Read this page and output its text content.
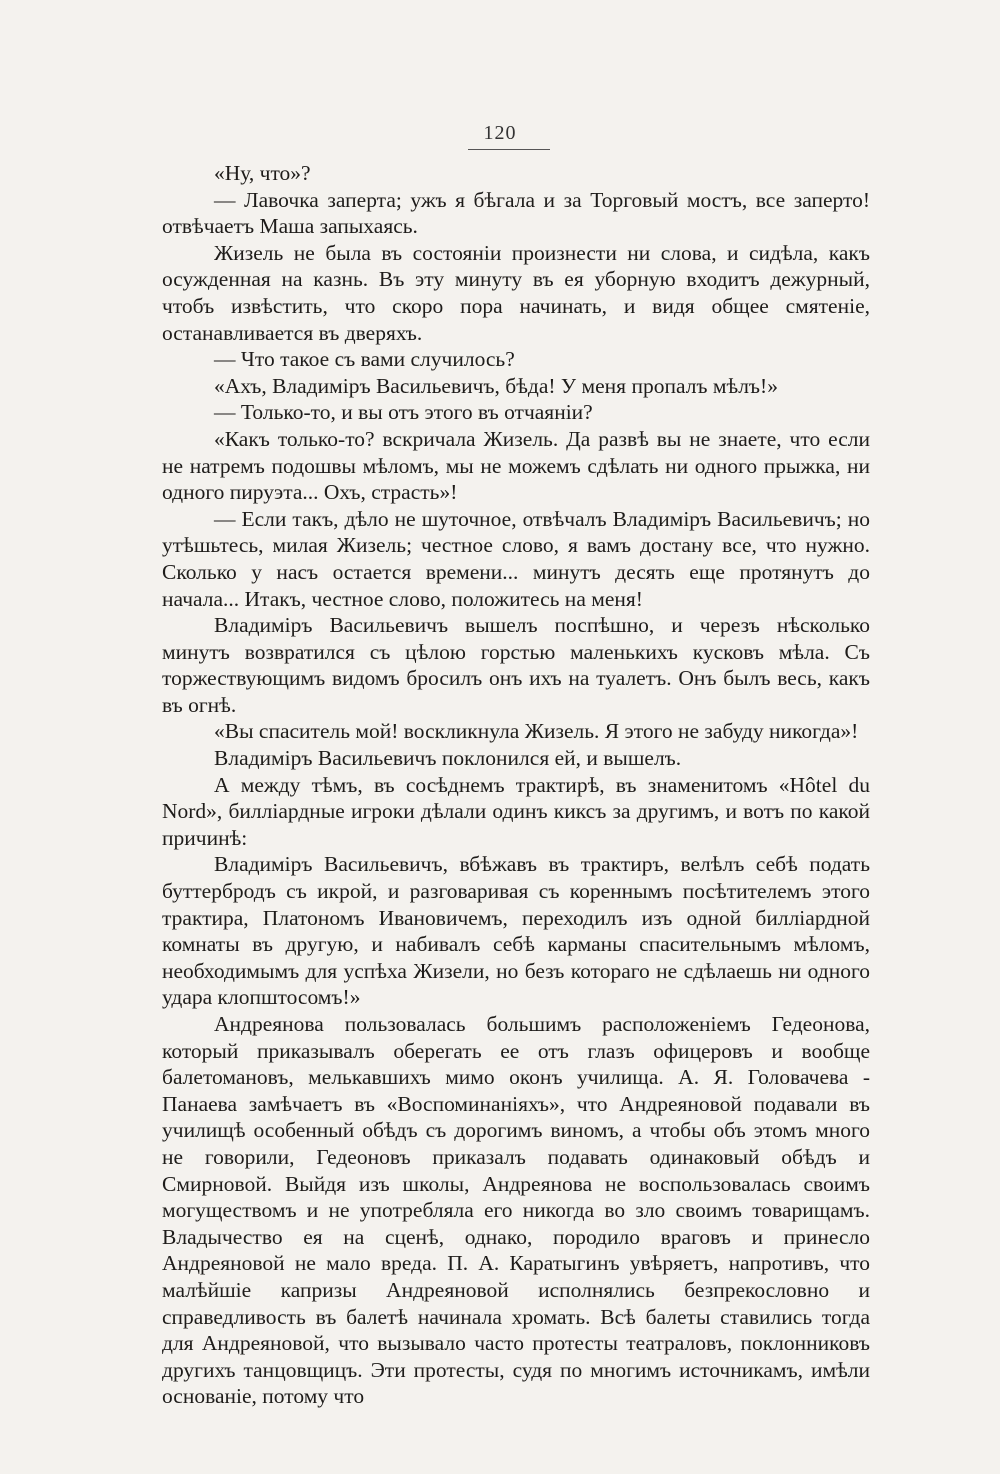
120

«Ну, что»?

— Лавочка заперта; ужъ я бѣгала и за Торговый мостъ, все заперто! отвѣчаетъ Маша запыхаясь.

Жизель не была въ состоянiи произнести ни слова, и сидѣла, какъ осужденная на казнь. Въ эту минуту въ ея уборную входитъ дежурный, чтобъ извѣстить, что скоро пора начинать, и видя общее смятенiе, останавливается въ дверяхъ.

— Что такое съ вами случилось?

«Ахъ, Владимiръ Васильевичъ, бѣда! У меня пропалъ мѣлъ!»

— Только-то, и вы отъ этого въ отчаянiи?

«Какъ только-то? вскричала Жизель. Да развѣ вы не знаете, что если не натремъ подошвы мѣломъ, мы не можемъ сдѣлать ни одного прыжка, ни одного пируэта... Охъ, страсть»!

— Если такъ, дѣло не шуточное, отвѣчалъ Владимiръ Васильевичъ; но утѣшьтесь, милая Жизель; честное слово, я вамъ достану все, что нужно. Сколько у насъ остается времени... минутъ десять еще протянутъ до начала... Итакъ, честное слово, положитесь на меня!

Владимiръ Васильевичъ вышелъ поспѣшно, и черезъ нѣсколько минутъ возвратился съ цѣлою горстью маленькихъ кусковъ мѣла. Съ торжествующимъ видомъ бросилъ онъ ихъ на туалетъ. Онъ былъ весь, какъ въ огнѣ.

«Вы спаситель мой! воскликнула Жизель. Я этого не забуду никогда»!

Владимiръ Васильевичъ поклонился ей, и вышелъ.

А между тѣмъ, въ сосѣднемъ трактирѣ, въ знаменитомъ «Hôtel du Nord», билліардные игроки дѣлали одинъ киксъ за другимъ, и вотъ по какой причинѣ:

Владимiръ Васильевичъ, вбѣжавъ въ трактиръ, велѣлъ себѣ подать буттербродъ съ икрой, и разговаривая съ кореннымъ посѣтителемъ этого трактира, Платономъ Ивановичемъ, переходилъ изъ одной билліардной комнаты въ другую, и набивалъ себѣ карманы спасительнымъ мѣломъ, необходимымъ для успѣха Жизели, но безъ котораго не сдѣлаешь ни одного удара клопштосомъ!»

Андреянова пользовалась большимъ расположенiемъ Гедеонова, который приказывалъ оберегать ее отъ глазъ офицеровъ и вообще балетомановъ, мелькавшихъ мимо оконъ училища. А. Я. Головачева - Панаева замѣчаетъ въ «Воспоминанiяхъ», что Андреяновой подавали въ училищѣ особенный обѣдъ съ дорогимъ виномъ, а чтобы объ этомъ много не говорили, Гедеоновъ приказалъ подавать одинаковый обѣдъ и Смирновой. Выйдя изъ школы, Андреянова не воспользовалась своимъ могуществомъ и не употребляла его никогда во зло своимъ товарищамъ. Владычество ея на сценѣ, однако, породило враговъ и принесло Андреяновой не мало вреда. П. А. Каратыгинъ увѣряетъ, напротивъ, что малѣйшiе капризы Андреяновой исполнялись безпрекословно и справедливость въ балетѣ начинала хромать. Всѣ балеты ставились тогда для Андреяновой, что вызывало часто протесты театраловъ, поклонниковъ другихъ танцовщицъ. Эти протесты, судя по многимъ источникамъ, имѣли основанiе, потому что
